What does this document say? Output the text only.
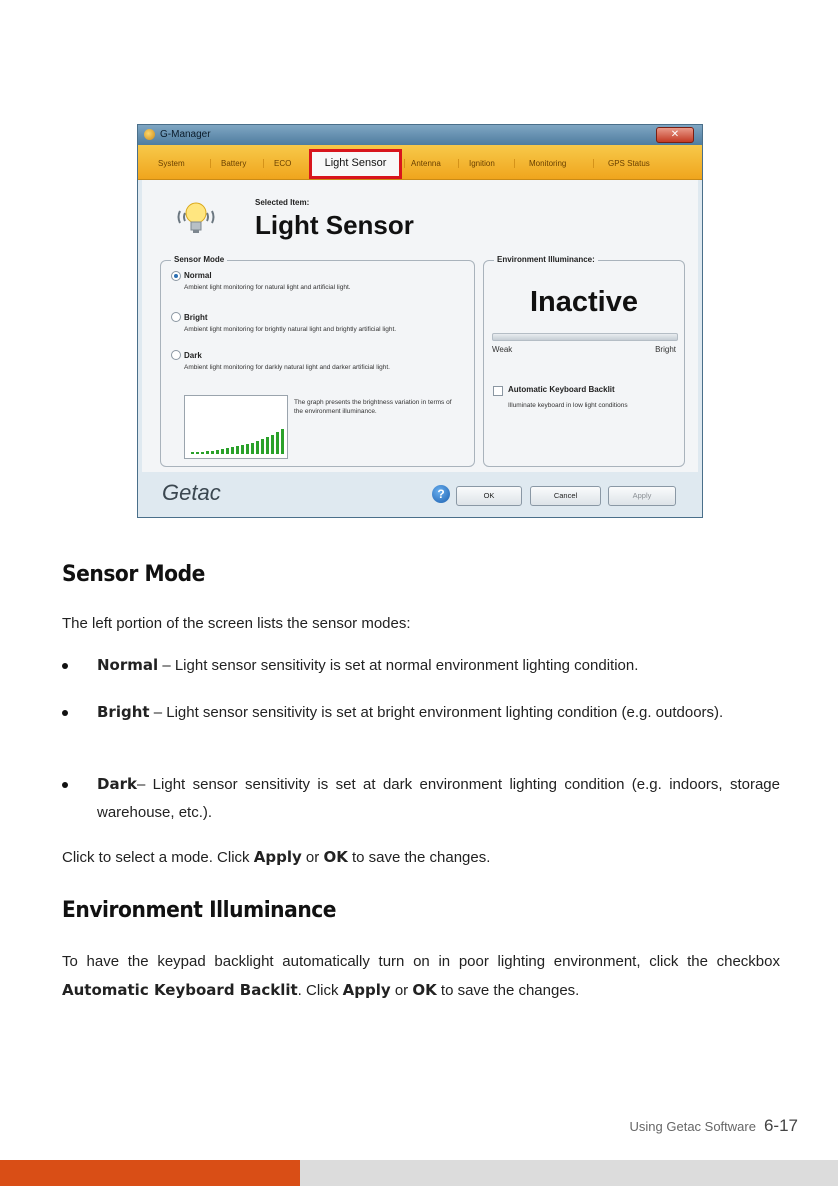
G-Manager	✕
System	Battery	ECO	Light Sensor	Antenna	Ignition	Monitoring	GPS Status
Selected Item:
Light Sensor
Sensor Mode
Normal
Ambient light monitoring for natural light and artificial light.
Bright
Ambient light monitoring for brightly natural light and brightly artificial light.
Dark
Ambient light monitoring for darkly natural light and darker artificial light.
The graph presents the brightness variation in terms of the environment illuminance.
Environment Illuminance:
Inactive
Weak	Bright
Automatic Keyboard Backlit
Illuminate keyboard in low light conditions
Getac	?	OK	Cancel	Apply
Sensor Mode
The left portion of the screen lists the sensor modes:
Normal – Light sensor sensitivity is set at normal environment lighting condition.
Bright – Light sensor sensitivity is set at bright environment lighting condition (e.g. outdoors).
Dark– Light sensor sensitivity is set at dark environment lighting condition (e.g. indoors, storage warehouse, etc.).
Click to select a mode. Click Apply or OK to save the changes.
Environment Illuminance
To have the keypad backlight automatically turn on in poor lighting environment, click the checkbox Automatic Keyboard Backlit. Click Apply or OK to save the changes.
Using Getac Software 6-17
